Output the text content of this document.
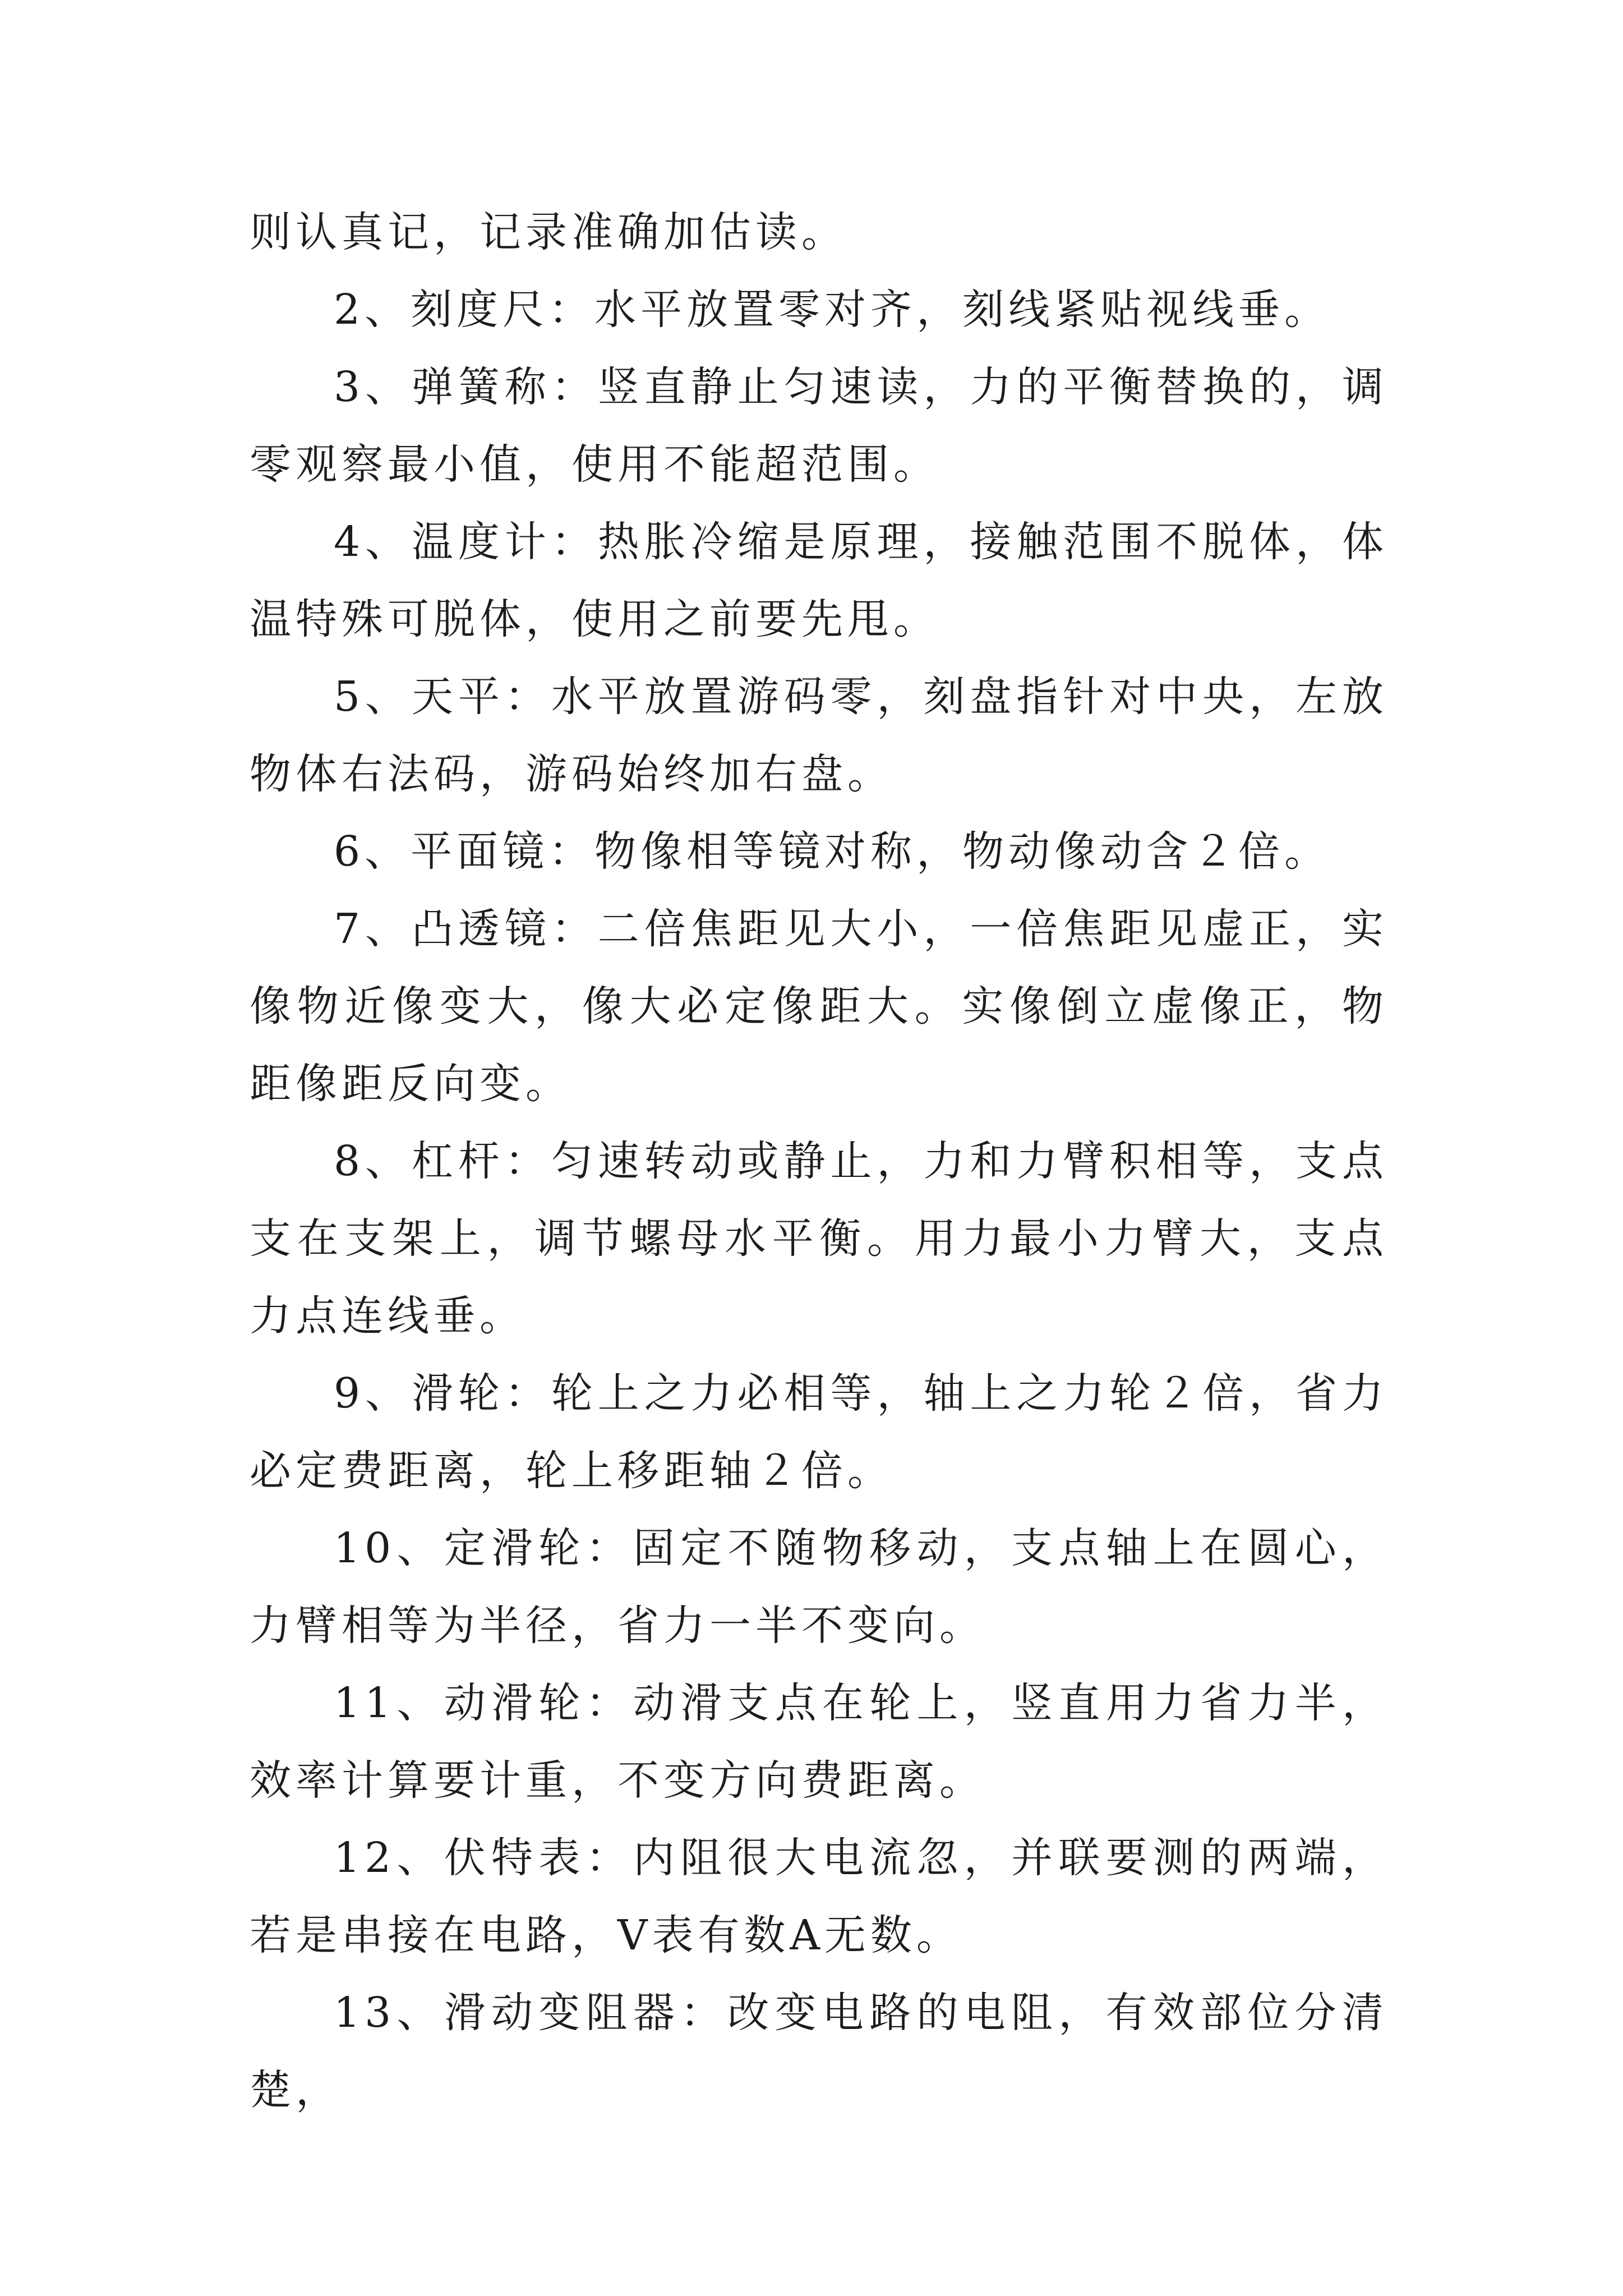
则认真记，记录准确加估读。

2、刻度尺：水平放置零对齐，刻线紧贴视线垂。

3、弹簧称：竖直静止匀速读，力的平衡替换的，调零观察最小值，使用不能超范围。

4、温度计：热胀冷缩是原理，接触范围不脱体，体温特殊可脱体，使用之前要先甩。

5、天平：水平放置游码零，刻盘指针对中央，左放物体右法码，游码始终加右盘。

6、平面镜：物像相等镜对称，物动像动含２倍。

7、凸透镜：二倍焦距见大小，一倍焦距见虚正，实像物近像变大，像大必定像距大。实像倒立虚像正，物距像距反向变。

8、杠杆：匀速转动或静止，力和力臂积相等，支点支在支架上，调节螺母水平衡。用力最小力臂大，支点力点连线垂。

9、滑轮：轮上之力必相等，轴上之力轮２倍，省力必定费距离，轮上移距轴２倍。

10、定滑轮：固定不随物移动，支点轴上在圆心，力臂相等为半径，省力一半不变向。

11、动滑轮：动滑支点在轮上，竖直用力省力半，效率计算要计重，不变方向费距离。

12、伏特表：内阻很大电流忽，并联要测的两端，若是串接在电路，V表有数A无数。

13、滑动变阻器：改变电路的电阻，有效部位分清楚，
